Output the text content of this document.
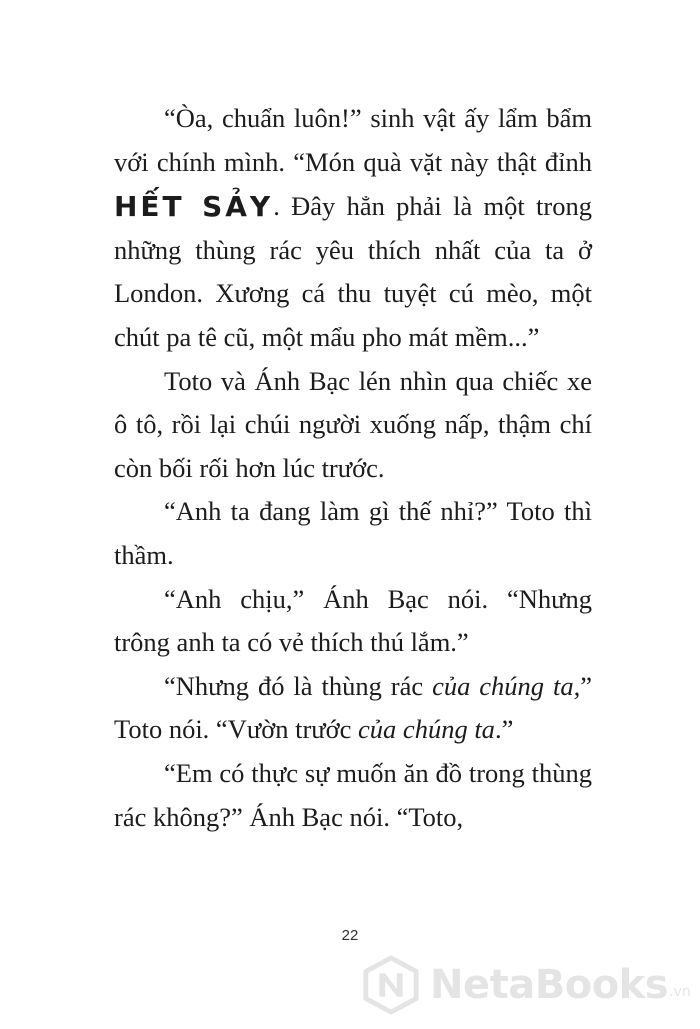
“Òa, chuẩn luôn!” sinh vật ấy lẩm bẩm với chính mình. “Món quà vặt này thật đỉnh HẾT SẢY. Đây hẳn phải là một trong những thùng rác yêu thích nhất của ta ở London. Xương cá thu tuyệt cú mèo, một chút pa tê cũ, một mẩu pho mát mềm...”

Toto và Ánh Bạc lén nhìn qua chiếc xe ô tô, rồi lại chúi người xuống nấp, thậm chí còn bối rối hơn lúc trước.

“Anh ta đang làm gì thế nhỉ?” Toto thì thầm.

“Anh chịu,” Ánh Bạc nói. “Nhưng trông anh ta có vẻ thích thú lắm.”

“Nhưng đó là thùng rác của chúng ta,” Toto nói. “Vườn trước của chúng ta.”

“Em có thực sự muốn ăn đồ trong thùng rác không?” Ánh Bạc nói. “Toto,

22
NetaBooks .vn
